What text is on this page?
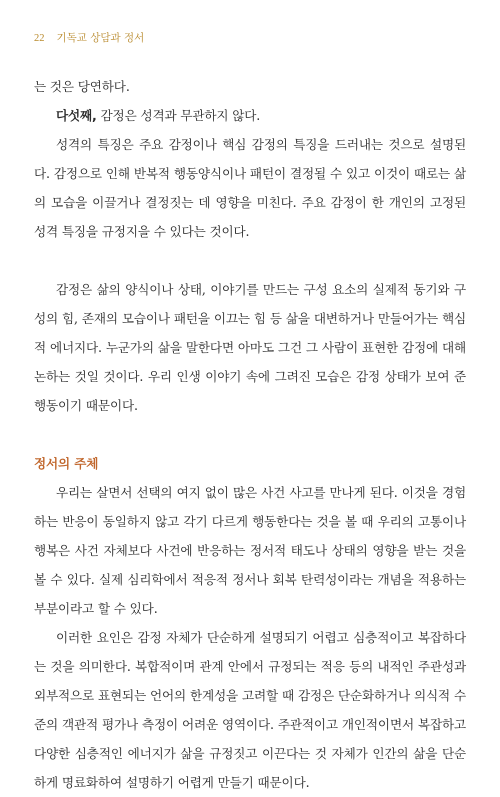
22 기독교 상담과 정서

는 것은 당연하다.

다섯째, 감정은 성격과 무관하지 않다.

성격의 특징은 주요 감정이나 핵심 감정의 특징을 드러내는 것으로 설명된다. 감정으로 인해 반복적 행동양식이나 패턴이 결정될 수 있고 이것이 때로는 삶의 모습을 이끌거나 결정짓는 데 영향을 미친다. 주요 감정이 한 개인의 고정된 성격 특징을 규정지을 수 있다는 것이다.

감정은 삶의 양식이나 상태, 이야기를 만드는 구성 요소의 실제적 동기와 구성의 힘, 존재의 모습이나 패턴을 이끄는 힘 등 삶을 대변하거나 만들어가는 핵심적 에너지다. 누군가의 삶을 말한다면 아마도 그건 그 사람이 표현한 감정에 대해 논하는 것일 것이다. 우리 인생 이야기 속에 그려진 모습은 감정 상태가 보여 준 행동이기 때문이다.

정서의 주체

우리는 살면서 선택의 여지 없이 많은 사건 사고를 만나게 된다. 이것을 경험하는 반응이 동일하지 않고 각기 다르게 행동한다는 것을 볼 때 우리의 고통이나 행복은 사건 자체보다 사건에 반응하는 정서적 태도나 상태의 영향을 받는 것을 볼 수 있다. 실제 심리학에서 적응적 정서나 회복 탄력성이라는 개념을 적용하는 부분이라고 할 수 있다.

이러한 요인은 감정 자체가 단순하게 설명되기 어렵고 심층적이고 복잡하다는 것을 의미한다. 복합적이며 관계 안에서 규정되는 적응 등의 내적인 주관성과 외부적으로 표현되는 언어의 한계성을 고려할 때 감정은 단순화하거나 의식적 수준의 객관적 평가나 측정이 어려운 영역이다. 주관적이고 개인적이면서 복잡하고 다양한 심층적인 에너지가 삶을 규정짓고 이끈다는 것 자체가 인간의 삶을 단순하게 명료화하여 설명하기 어렵게 만들기 때문이다.
